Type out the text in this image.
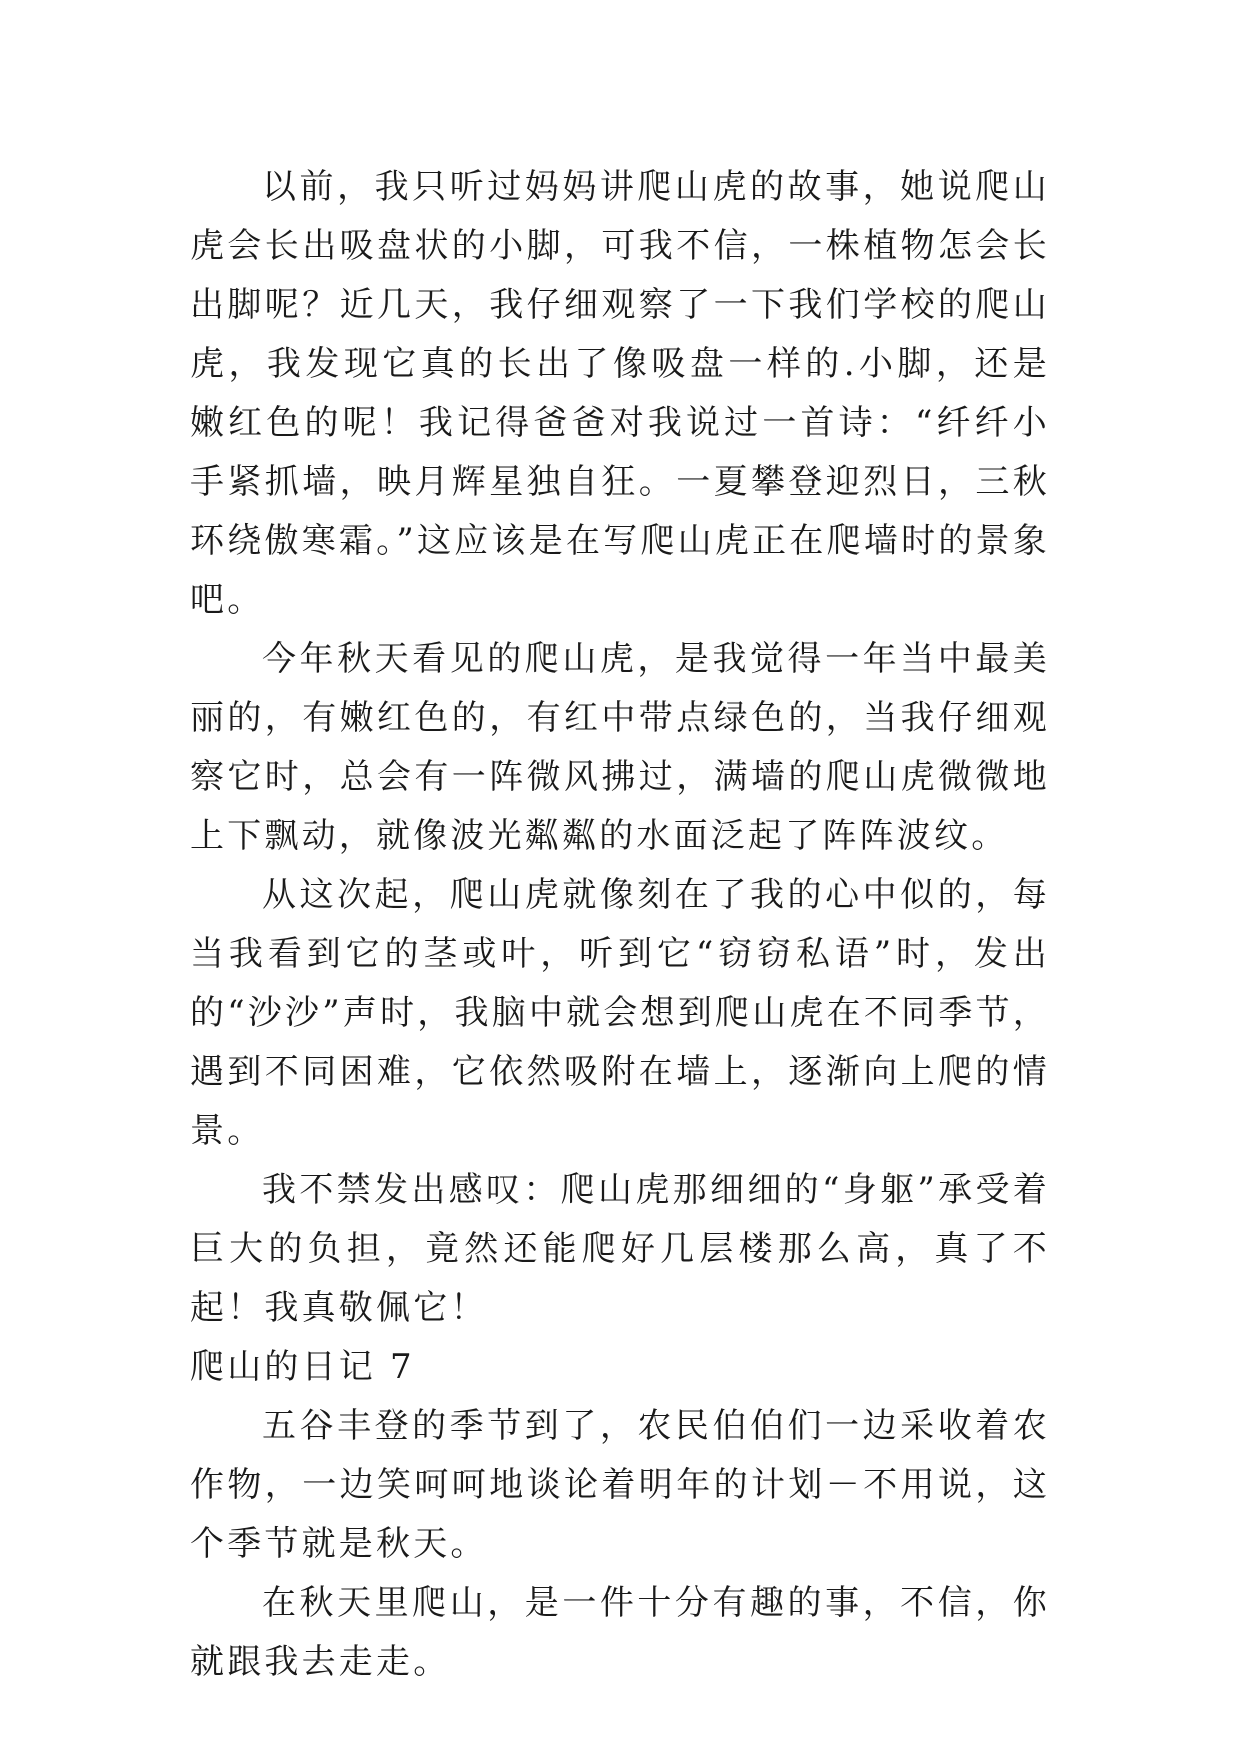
以前，我只听过妈妈讲爬山虎的故事，她说爬山虎会长出吸盘状的小脚，可我不信，一株植物怎会长出脚呢？近几天，我仔细观察了一下我们学校的爬山虎，我发现它真的长出了像吸盘一样的.小脚，还是嫩红色的呢！我记得爸爸对我说过一首诗：“纤纤小手紧抓墙，映月辉星独自狂。一夏攀登迎烈日，三秋环绕傲寒霜。”这应该是在写爬山虎正在爬墙时的景象吧。

今年秋天看见的爬山虎，是我觉得一年当中最美丽的，有嫩红色的，有红中带点绿色的，当我仔细观察它时，总会有一阵微风拂过，满墙的爬山虎微微地上下飘动，就像波光粼粼的水面泛起了阵阵波纹。

从这次起，爬山虎就像刻在了我的心中似的，每当我看到它的茎或叶，听到它“窃窃私语”时，发出的“沙沙”声时，我脑中就会想到爬山虎在不同季节，遇到不同困难，它依然吸附在墙上，逐渐向上爬的情景。

我不禁发出感叹：爬山虎那细细的“身躯”承受着巨大的负担，竟然还能爬好几层楼那么高，真了不起！我真敬佩它！

爬山的日记 7

五谷丰登的季节到了，农民伯伯们一边采收着农作物，一边笑呵呵地谈论着明年的计划－不用说，这个季节就是秋天。

在秋天里爬山，是一件十分有趣的事，不信，你就跟我去走走。
